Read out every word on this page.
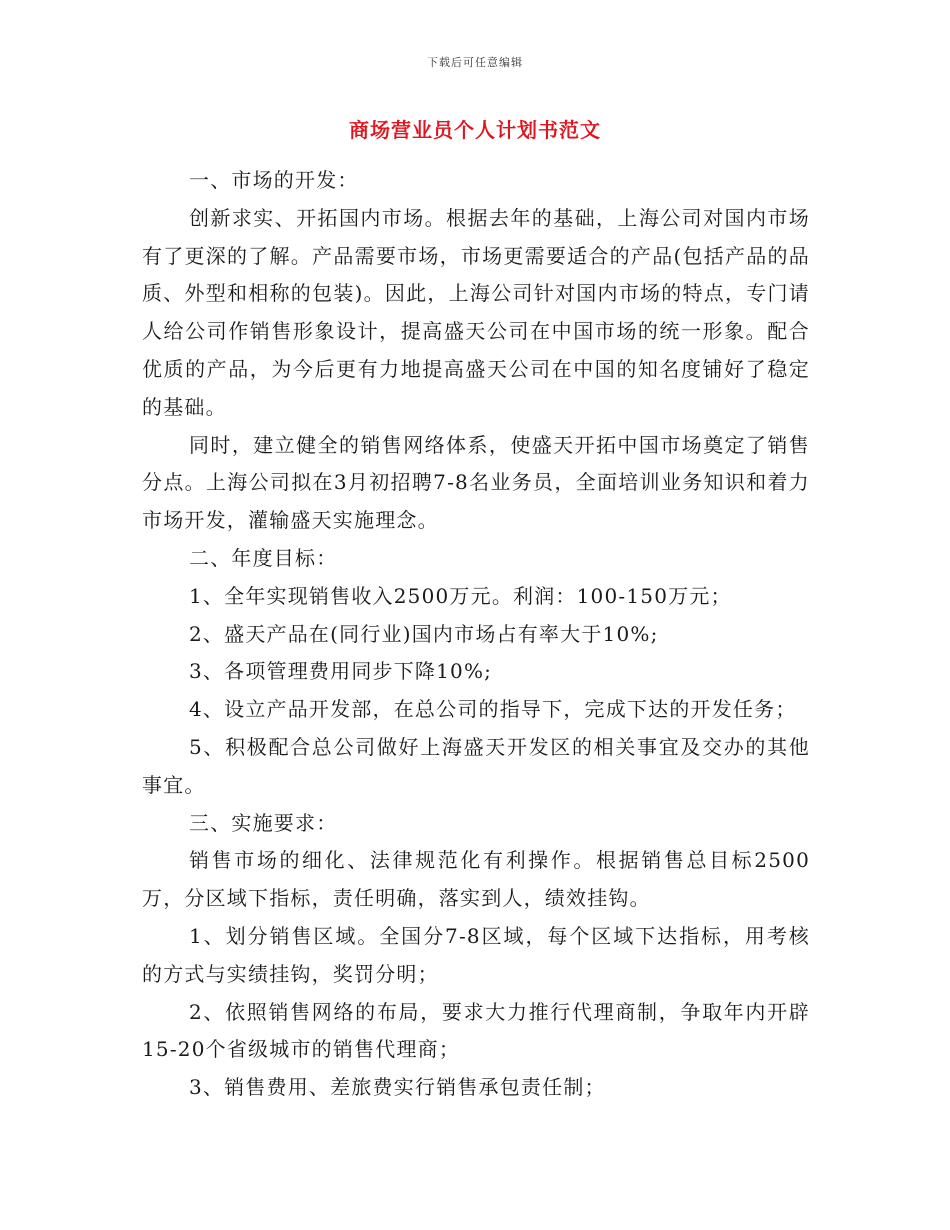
下载后可任意编辑
商场营业员个人计划书范文

一、市场的开发：

创新求实、开拓国内市场。根据去年的基础，上海公司对国内市场有了更深的了解。产品需要市场，市场更需要适合的产品(包括产品的品质、外型和相称的包装)。因此，上海公司针对国内市场的特点，专门请人给公司作销售形象设计，提高盛天公司在中国市场的统一形象。配合优质的产品，为今后更有力地提高盛天公司在中国的知名度铺好了稳定的基础。

同时，建立健全的销售网络体系，使盛天开拓中国市场奠定了销售分点。上海公司拟在3月初招聘7-8名业务员，全面培训业务知识和着力市场开发，灌输盛天实施理念。

二、年度目标：

1、全年实现销售收入2500万元。利润：100-150万元；

2、盛天产品在(同行业)国内市场占有率大于10%;

3、各项管理费用同步下降10%;

4、设立产品开发部，在总公司的指导下，完成下达的开发任务；

5、积极配合总公司做好上海盛天开发区的相关事宜及交办的其他事宜。

三、实施要求：

销售市场的细化、法律规范化有利操作。根据销售总目标2500万，分区域下指标，责任明确，落实到人，绩效挂钩。

1、划分销售区域。全国分7-8区域，每个区域下达指标，用考核的方式与实绩挂钩，奖罚分明；

2、依照销售网络的布局，要求大力推行代理商制，争取年内开辟15-20个省级城市的销售代理商；

3、销售费用、差旅费实行销售承包责任制；
